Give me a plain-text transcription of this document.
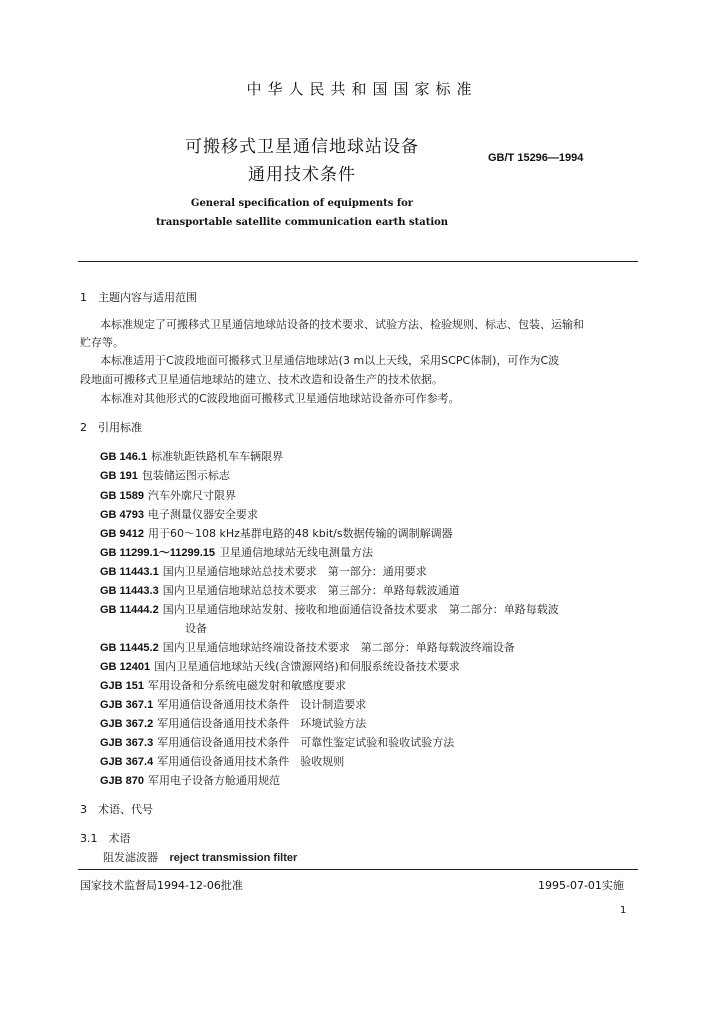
中华人民共和国国家标准
可搬移式卫星通信地球站设备
通用技术条件
GB/T 15296—1994
General specification of equipments for
transportable satellite communication earth station
1　主题内容与适用范围
本标准规定了可搬移式卫星通信地球站设备的技术要求、试验方法、检验规则、标志、包装、运输和
贮存等。
本标准适用于C波段地面可搬移式卫星通信地球站(3 m以上天线，采用SCPC体制)，可作为C波
段地面可搬移式卫星通信地球站的建立、技术改造和设备生产的技术依据。
本标准对其他形式的C波段地面可搬移式卫星通信地球站设备亦可作参考。
2　引用标准
GB 146.1 标准轨距铁路机车车辆限界
GB 191 包装储运图示标志
GB 1589 汽车外廓尺寸限界
GB 4793 电子测量仪器安全要求
GB 9412 用于60～108 kHz基群电路的48 kbit/s数据传输的调制解调器
GB 11299.1～11299.15 卫星通信地球站无线电测量方法
GB 11443.1 国内卫星通信地球站总技术要求　第一部分：通用要求
GB 11443.3 国内卫星通信地球站总技术要求　第三部分：单路每载波通道
GB 11444.2 国内卫星通信地球站发射、接收和地面通信设备技术要求　第二部分：单路每载波
设备
GB 11445.2 国内卫星通信地球站终端设备技术要求　第二部分：单路每载波终端设备
GB 12401 国内卫星通信地球站天线(含馈源网络)和伺服系统设备技术要求
GJB 151 军用设备和分系统电磁发射和敏感度要求
GJB 367.1 军用通信设备通用技术条件　设计制造要求
GJB 367.2 军用通信设备通用技术条件　环境试验方法
GJB 367.3 军用通信设备通用技术条件　可靠性鉴定试验和验收试验方法
GJB 367.4 军用通信设备通用技术条件　验收规则
GJB 870 军用电子设备方舱通用规范
3　术语、代号
3.1　术语
阻发滤波器 reject transmission filter
国家技术监督局1994-12-06批准	1995-07-01实施
1
